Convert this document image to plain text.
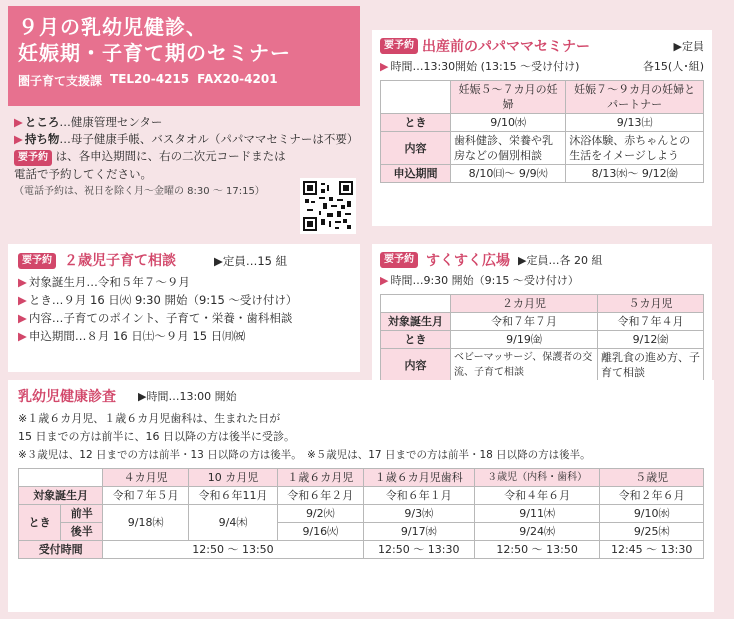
９月の乳幼児健診、
妊娠期・子育て期のセミナー
圏子育て支援課 TEL20-4215 FAX20-4201
▶ ところ…健康管理センター
▶ 持ち物…母子健康手帳、バスタオル（パパママセミナーは不要）
要予約 は、各申込期間に、右の二次元コードまたは電話で予約してください。
（電話予約は、祝日を除く月～金曜の 8:30 ～ 17:15）
要予約 ２歳児子育て相談	▶定員…15 組
▶ 対象誕生月…令和５年７～９月
▶ とき…９月 16 日㈫ 9:30 開始（9:15 ～受け付け）
▶ 内容…子育てのポイント、子育て・栄養・歯科相談
▶ 申込期間…８月 16 日㈯～９月 15 日㈪㈷
要予約 出産前のパパママセミナー	▶定員
▶ 時間…13:30開始 (13:15 ～受け付け)	各15(人･組)
	妊娠５～７カ月の妊婦	妊娠７～９カ月の妊婦とパートナー
とき	9/10㈬	9/13㈯
内容	歯科健診、栄養や乳房などの個別相談	沐浴体験、赤ちゃんとの生活をイメージしよう
申込期間	8/10㈰～ 9/9㈫	8/13㈬～ 9/12㈮
要予約 すくすく広場 ▶定員…各 20 組
▶ 時間…9:30 開始（9:15 ～受け付け）
	２カ月児	５カ月児
対象誕生月	令和７年７月	令和７年４月
とき	9/19㈮	9/12㈮
内容	ベビーマッサージ、保護者の交流、子育て相談	離乳食の進め方、子育て相談

乳幼児健康診査 ▶時間…13:00 開始
※１歳６カ月児、１歳６カ月児歯科は、生まれた日が
15 日までの方は前半に、16 日以降の方は後半に受診。
※３歳児は、12 日までの方は前半・13 日以降の方は後半。　※５歳児は、17 日までの方は前半・18 日以降の方は後半。
		４カ月児	10 カ月児	１歳６カ月児	１歳６カ月児歯科	３歳児（内科・歯科）	５歳児
対象誕生月		令和７年５月	令和６年11月	令和６年２月	令和６年１月	令和４年６月	令和２年６月
とき	前半	9/18㈭	9/4㈭	9/2㈫	9/3㈬	9/11㈭	9/10㈬
	後半			9/16㈫	9/17㈬	9/24㈬	9/25㈭
受付時間		12:50 ～ 13:50			12:50 ～ 13:30	12:50 ～ 13:50	12:45 ～ 13:30
